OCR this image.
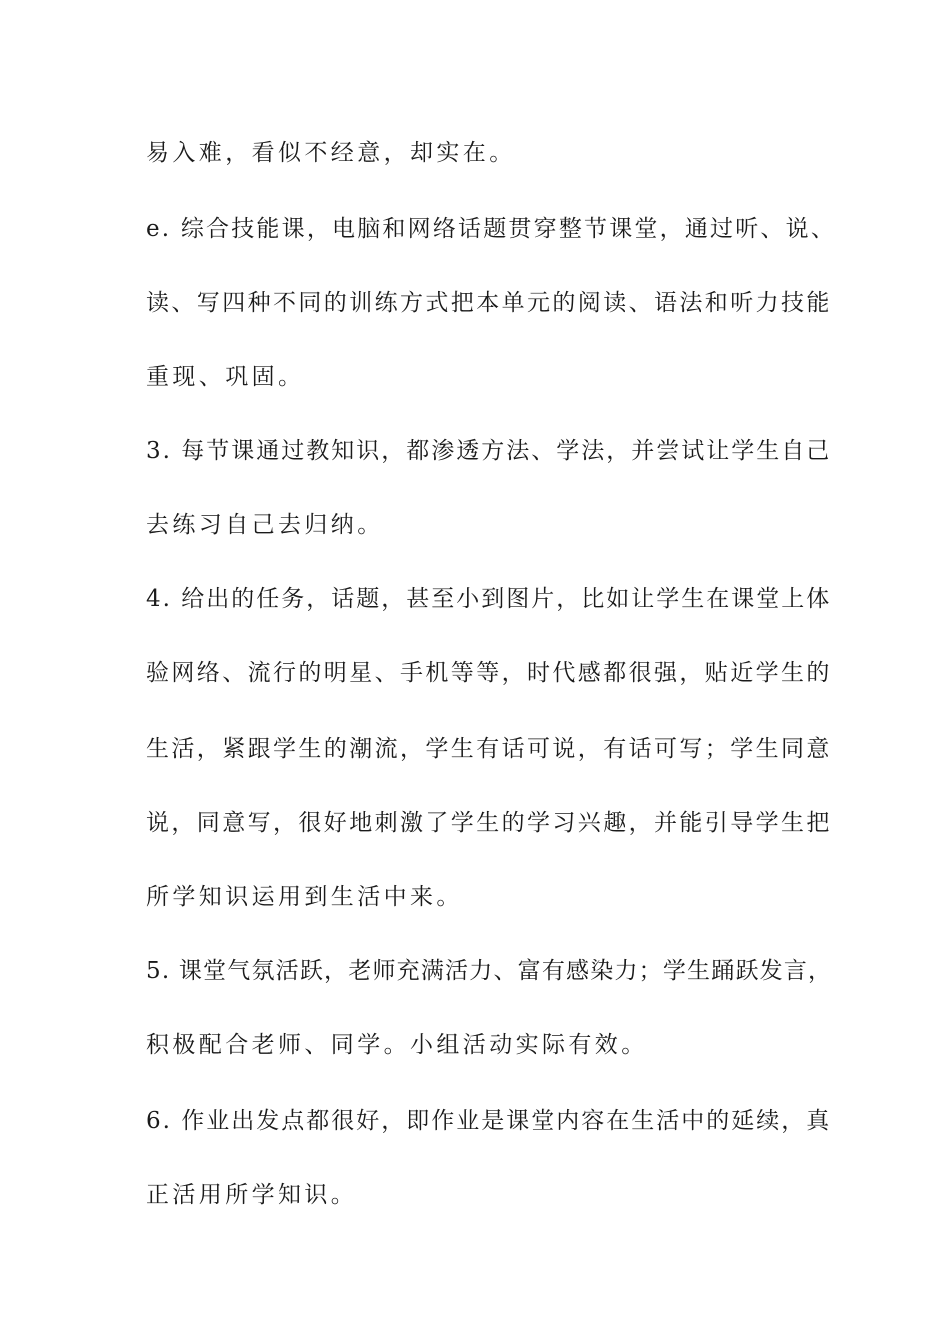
易入难，看似不经意，却实在。
e. 综合技能课，电脑和网络话题贯穿整节课堂，通过听、说、
读、写四种不同的训练方式把本单元的阅读、语法和听力技能
重现、巩固。
3. 每节课通过教知识，都渗透方法、学法，并尝试让学生自己
去练习自己去归纳。
4. 给出的任务，话题，甚至小到图片，比如让学生在课堂上体
验网络、流行的明星、手机等等，时代感都很强，贴近学生的
生活，紧跟学生的潮流，学生有话可说，有话可写；学生同意
说，同意写，很好地刺激了学生的学习兴趣，并能引导学生把
所学知识运用到生活中来。
5. 课堂气氛活跃，老师充满活力、富有感染力；学生踊跃发言，
积极配合老师、同学。小组活动实际有效。
6. 作业出发点都很好，即作业是课堂内容在生活中的延续，真
正活用所学知识。
